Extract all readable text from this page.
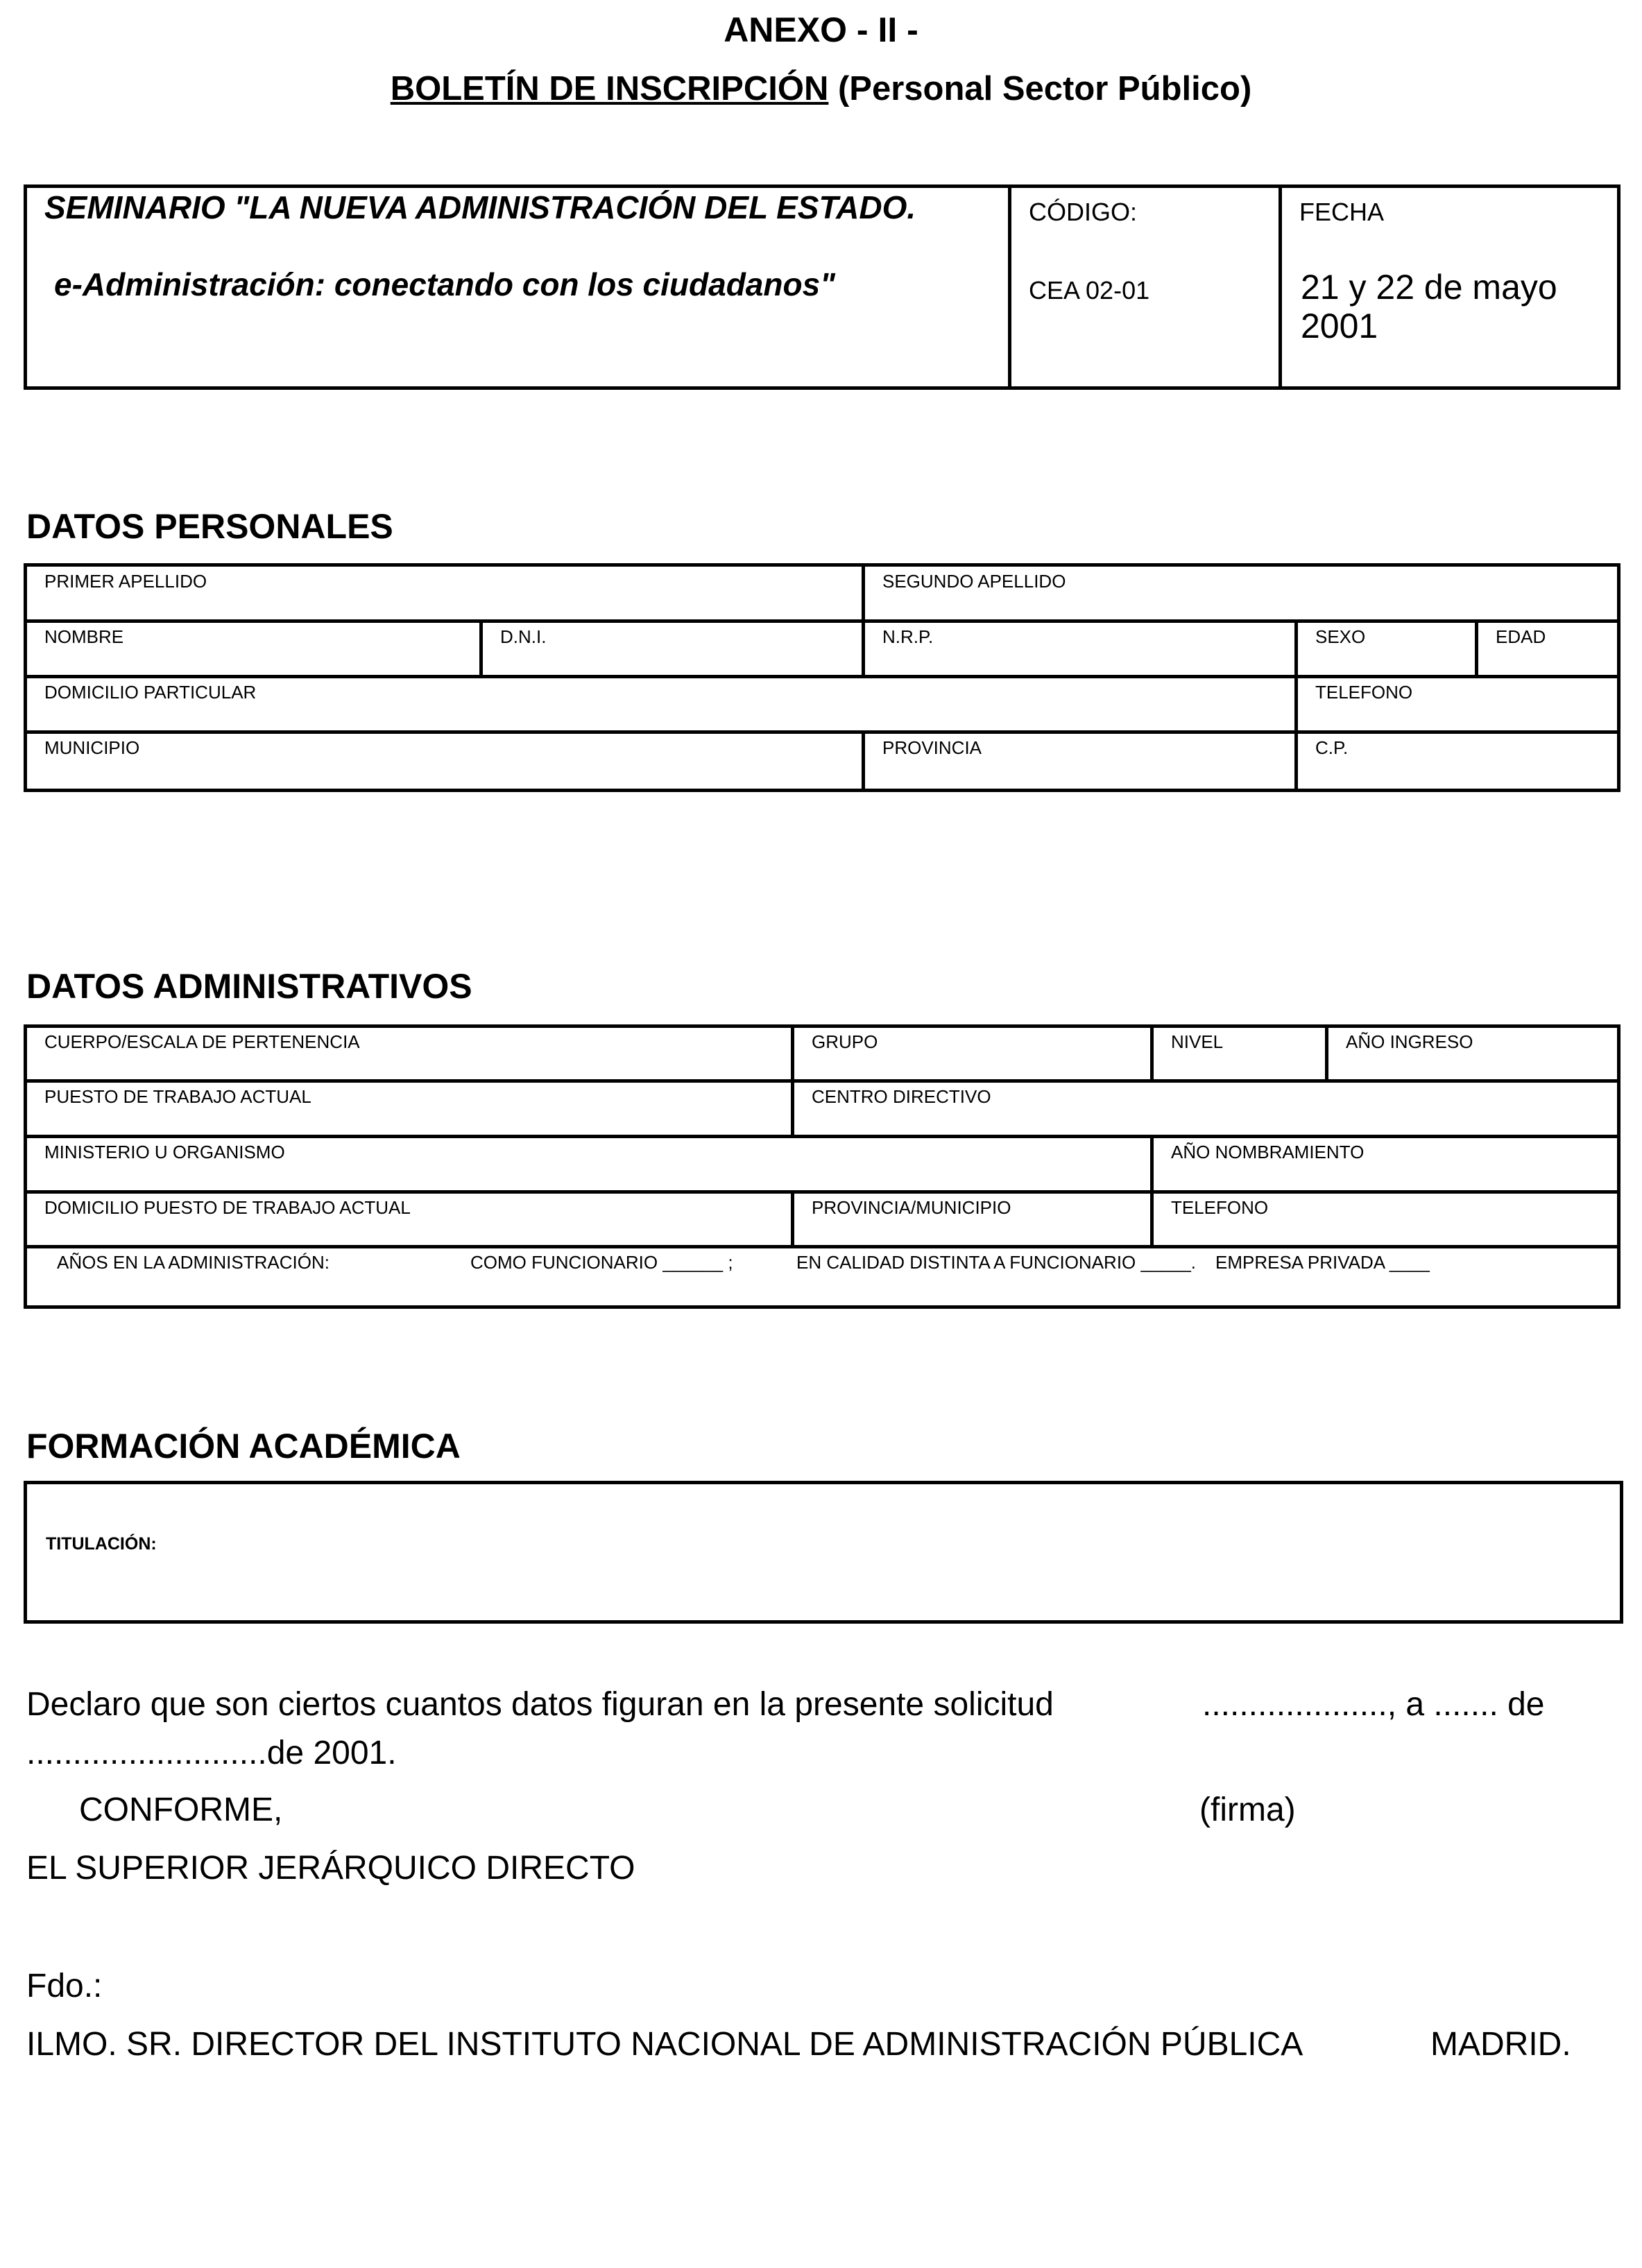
ANEXO - II -
BOLETÍN DE INSCRIPCIÓN (Personal Sector Público)
SEMINARIO "LA NUEVA ADMINISTRACIÓN DEL ESTADO.
e-Administración: conectando con los ciudadanos"
CÓDIGO:
CEA 02-01
FECHA
21 y 22 de mayo 2001
DATOS PERSONALES
PRIMER APELLIDO	SEGUNDO APELLIDO
NOMBRE	D.N.I.	N.R.P.	SEXO	EDAD
DOMICILIO PARTICULAR	TELEFONO
MUNICIPIO	PROVINCIA	C.P.
DATOS ADMINISTRATIVOS
CUERPO/ESCALA DE PERTENENCIA	GRUPO	NIVEL	AÑO INGRESO
PUESTO DE TRABAJO ACTUAL	CENTRO DIRECTIVO
MINISTERIO U ORGANISMO	AÑO NOMBRAMIENTO
DOMICILIO PUESTO DE TRABAJO ACTUAL	PROVINCIA/MUNICIPIO	TELEFONO
AÑOS EN LA ADMINISTRACIÓN:	COMO FUNCIONARIO ______ ;	EN CALIDAD DISTINTA A FUNCIONARIO _____. EMPRESA PRIVADA ____
FORMACIÓN ACADÉMICA
TITULACIÓN:
Declaro que son ciertos cuantos datos figuran en la presente solicitud	...................., a ....... de
..........................de 2001.
CONFORME,	(firma)
EL SUPERIOR JERÁRQUICO DIRECTO
Fdo.:
ILMO. SR. DIRECTOR DEL INSTITUTO NACIONAL DE ADMINISTRACIÓN PÚBLICA	MADRID.
